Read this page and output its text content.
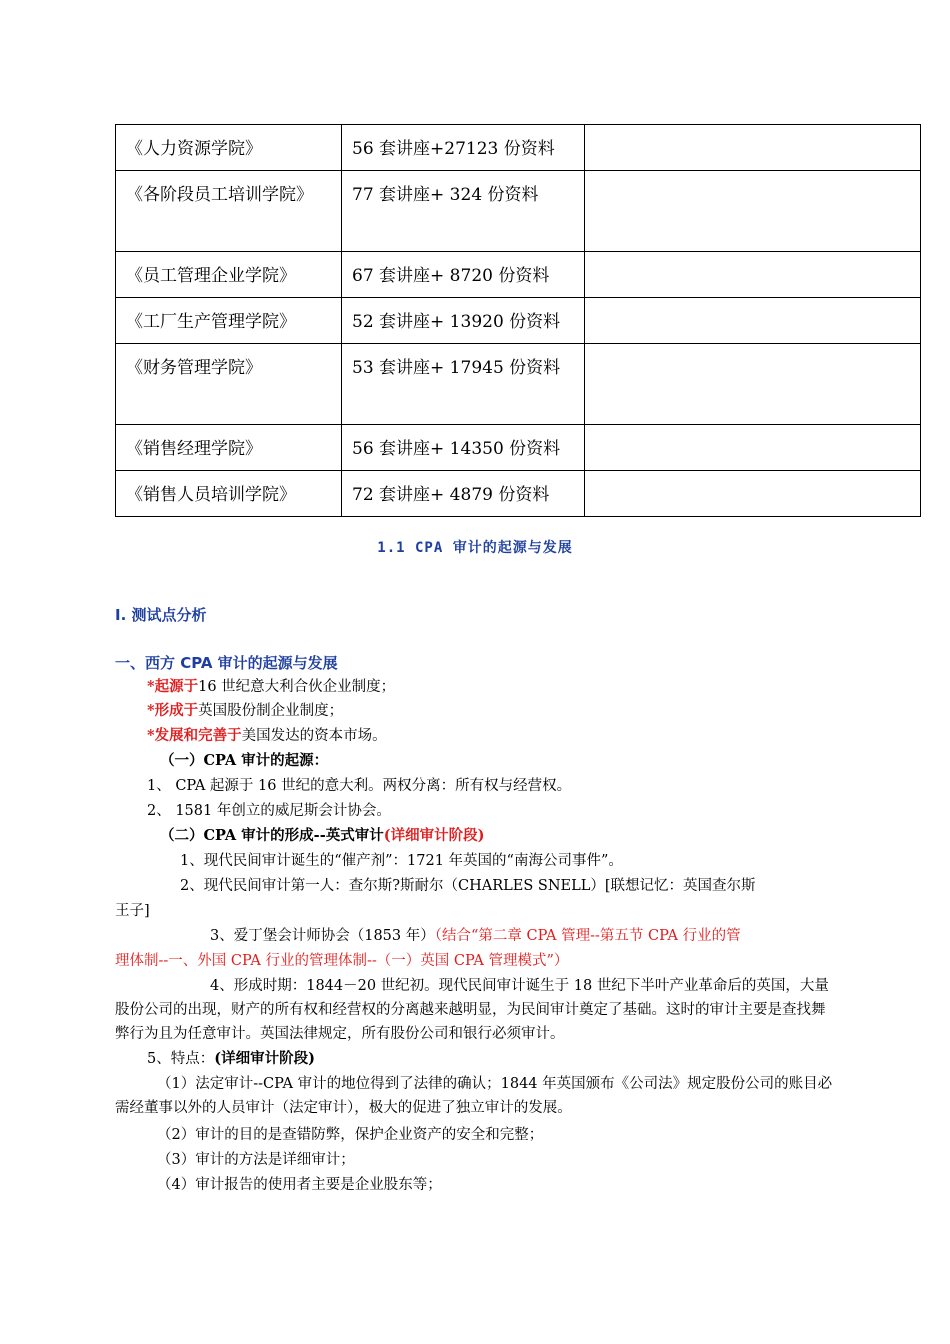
《人力资源学院》	56 套讲座+27123 份资料	
《各阶段员工培训学院》	77 套讲座+ 324 份资料	
《员工管理企业学院》	67 套讲座+ 8720 份资料	
《工厂生产管理学院》	52 套讲座+ 13920 份资料	
《财务管理学院》	53 套讲座+ 17945 份资料	
《销售经理学院》	56 套讲座+ 14350 份资料	
《销售人员培训学院》	72 套讲座+ 4879 份资料	
1.1 CPA 审计的起源与发展
I. 测试点分析
一、西方 CPA 审计的起源与发展
*起源于16 世纪意大利合伙企业制度；
*形成于英国股份制企业制度；
*发展和完善于美国发达的资本市场。
（一）CPA 审计的起源：
1、 CPA 起源于 16 世纪的意大利。两权分离：所有权与经营权。
2、 1581 年创立的威尼斯会计协会。
（二）CPA 审计的形成--英式审计(详细审计阶段)
1、现代民间审计诞生的“催产剂”：1721 年英国的“南海公司事件”。
2、现代民间审计第一人：查尔斯?斯耐尔（CHARLES SNELL）[联想记忆：英国查尔斯
王子]
3、爱丁堡会计师协会（1853 年）（结合“第二章 CPA 管理--第五节 CPA 行业的管
理体制--一、外国 CPA 行业的管理体制--（一）英国 CPA 管理模式”）
4、形成时期：1844－20 世纪初。现代民间审计诞生于 18 世纪下半叶产业革命后的英国，大量股份公司的出现，财产的所有权和经营权的分离越来越明显，为民间审计奠定了基础。这时的审计主要是查找舞弊行为且为任意审计。英国法律规定，所有股份公司和银行必须审计。
5、特点：(详细审计阶段)
（1）法定审计--CPA 审计的地位得到了法律的确认；1844 年英国颁布《公司法》规定股份公司的账目必需经董事以外的人员审计（法定审计），极大的促进了独立审计的发展。
（2）审计的目的是查错防弊，保护企业资产的安全和完整；
（3）审计的方法是详细审计；
（4）审计报告的使用者主要是企业股东等；
